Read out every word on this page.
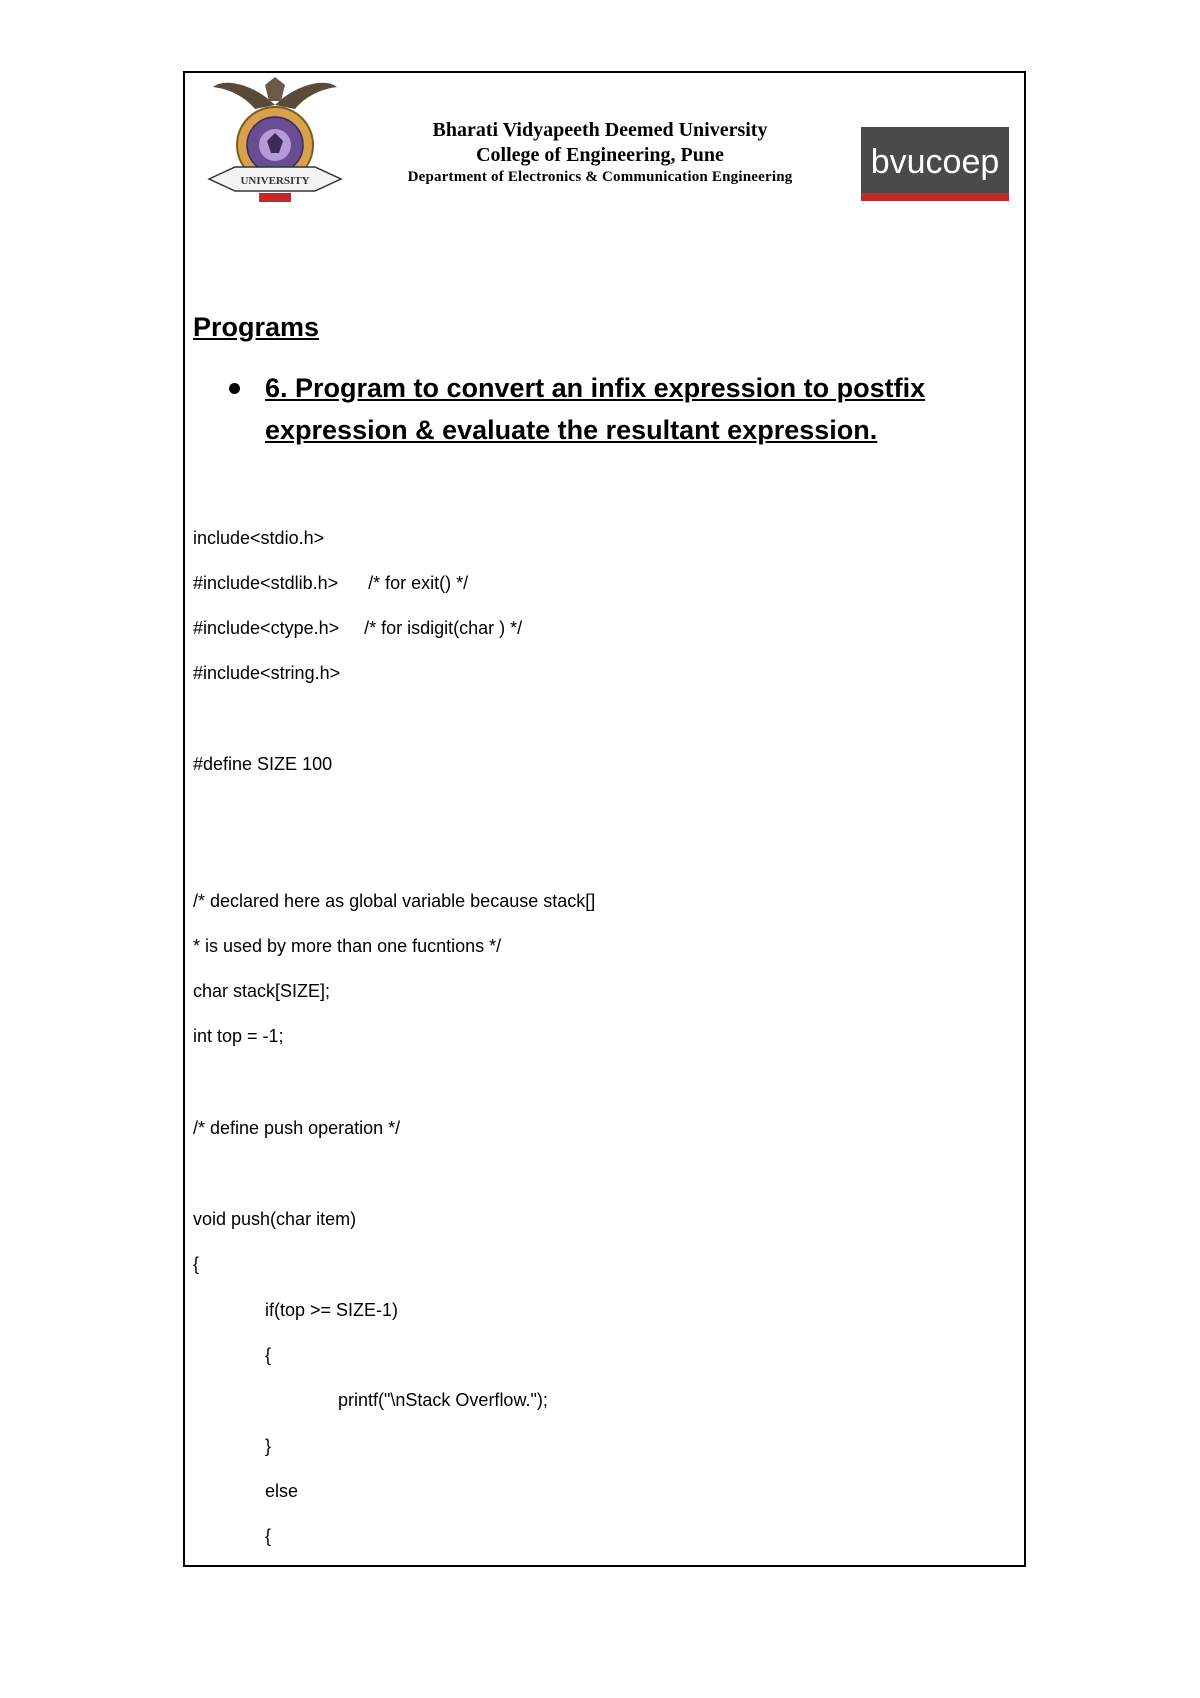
UNIVERSITY
Bharati Vidyapeeth Deemed University
College of Engineering, Pune
Department of Electronics & Communication Engineering	bvucoep
Programs
6. Program to convert an infix expression to postfix expression & evaluate the resultant expression.
include<stdio.h>
#include<stdlib.h>      /* for exit() */
#include<ctype.h>     /* for isdigit(char ) */
#include<string.h>
#define SIZE 100
/* declared here as global variable because stack[]
* is used by more than one fucntions */
char stack[SIZE];
int top = -1;
/* define push operation */
void push(char item)
{
if(top >= SIZE-1)
{
printf("\nStack Overflow.");
}
else
{
